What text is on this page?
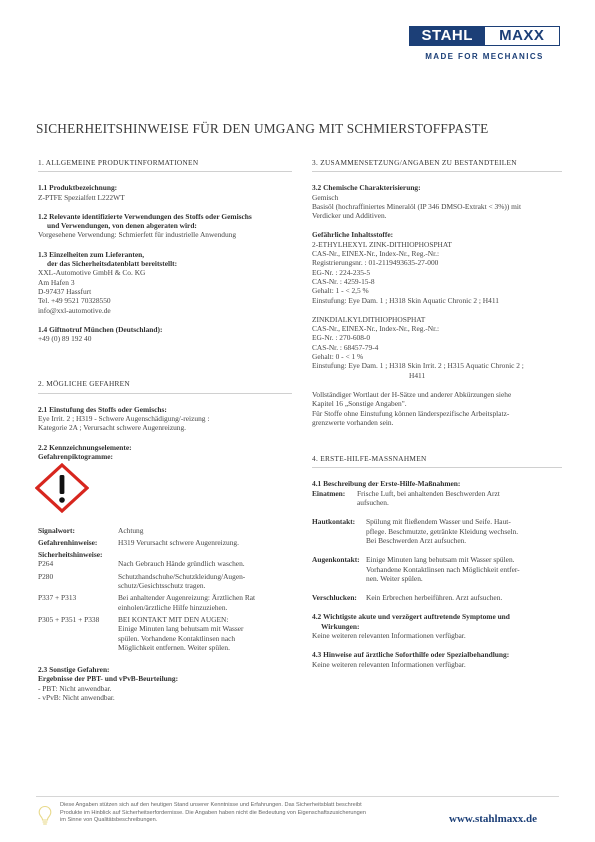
STAHL	MAXX
MADE FOR MECHANICS
SICHERHEITSHINWEISE FÜR DEN UMGANG MIT SCHMIERSTOFFPASTE
1. ALLGEMEINE PRODUKTINFORMATIONEN
1.1 Produktbezeichnung:
Z-PTFE Spezialfett L222WT
1.2 Relevante identifizierte Verwendungen des Stoffs oder Gemischs
und Verwendungen, von denen abgeraten wird:
Vorgesehene Verwendung: Schmierfett für industrielle Anwendung
1.3 Einzelheiten zum Lieferanten,
der das Sicherheitsdatenblatt bereitstellt:
XXL-Automotive GmbH & Co. KG
Am Hafen 3
D-97437 Hassfurt
Tel. +49 9521 70328550
info@xxl-automotive.de
1.4 Giftnotruf München (Deutschland):
+49 (0) 89 192 40
2. MÖGLICHE GEFAHREN
2.1 Einstufung des Stoffs oder Gemischs:
Eye Irrit. 2 ; H319 - Schwere Augenschädigung/-reizung :
Kategorie 2A ; Verursacht schwere Augenreizung.
2.2 Kennzeichnungselemente:
Gefahrenpiktogramme:
Signalwort:	Achtung
Gefahrenhinweise:	H319 Verursacht schwere Augenreizung.
Sicherheitshinweise:
P264	Nach Gebrauch Hände gründlich waschen.
P280	Schutzhandschuhe/Schutzkleidung/Augen-
schutz/Gesichtsschutz tragen.
P337 + P313	Bei anhaltender Augenreizung: Ärztlichen Rat
einholen/ärztliche Hilfe hinzuziehen.
P305 + P351 + P338	BEI KONTAKT MIT DEN AUGEN:
Einige Minuten lang behutsam mit Wasser
spülen. Vorhandene Kontaktlinsen nach
Möglichkeit entfernen. Weiter spülen.
2.3 Sonstige Gefahren:
Ergebnisse der PBT- und vPvB-Beurteilung:
- PBT: Nicht anwendbar.
- vPvB: Nicht anwendbar.
3. ZUSAMMENSETZUNG/ANGABEN ZU BESTANDTEILEN
3.2 Chemische Charakterisierung:
Gemisch
Basisöl (hochraffiniertes Mineralöl (IP 346 DMSO-Extrakt < 3%)) mit
Verdicker und Additiven.
Gefährliche Inhaltsstoffe:
2-ETHYLHEXYL ZINK-DITHIOPHOSPHAT
CAS-Nr., EINEX-Nr., Index-Nr., Reg.-Nr.:
Registrierungsnr. : 01-2119493635-27-000
EG-Nr. : 224-235-5
CAS-Nr. : 4259-15-8
Gehalt: 1 - < 2,5 %
Einstufung: Eye Dam. 1 ; H318 Skin Aquatic Chronic 2 ; H411
ZINKDIALKYLDITHIOPHOSPHAT
CAS-Nr., EINEX-Nr., Index-Nr., Reg.-Nr.:
EG-Nr. : 270-608-0
CAS-Nr. : 68457-79-4
Gehalt: 0 - < 1 %
Einstufung: Eye Dam. 1 ; H318 Skin Irrit. 2 ; H315 Aquatic Chronic 2 ;
H411
Vollständiger Wortlaut der H-Sätze und anderer Abkürzungen siehe
Kapitel 16 „Sonstige Angaben".
Für Stoffe ohne Einstufung können länderspezifische Arbeitsplatz-
grenzwerte vorhanden sein.
4. ERSTE-HILFE-MASSNAHMEN
4.1 Beschreibung der Erste-Hilfe-Maßnahmen:
Einatmen:	Frische Luft, bei anhaltenden Beschwerden Arzt
aufsuchen.
Hautkontakt:	Spülung mit fließendem Wasser und Seife. Haut-
pflege. Beschmutzte, getränkte Kleidung wechseln.
Bei Beschwerden Arzt aufsuchen.
Augenkontakt: Einige Minuten lang behutsam mit Wasser spülen.
Vorhandene Kontaktlinsen nach Möglichkeit entfer-
nen. Weiter spülen.
Verschlucken:	Kein Erbrechen herbeiführen. Arzt aufsuchen.
4.2 Wichtigste akute und verzögert auftretende Symptome und
Wirkungen:
Keine weiteren relevanten Informationen verfügbar.
4.3 Hinweise auf ärztliche Soforthilfe oder Spezialbehandlung:
Keine weiteren relevanten Informationen verfügbar.
Diese Angaben stützen sich auf den heutigen Stand unserer Kenntnisse und Erfahrungen. Das Sicherheitsblatt beschreibt
Produkte im Hinblick auf Sicherheitserfordernisse. Die Angaben haben nicht die Bedeutung von Eigenschaftszusicherungen
im Sinne von Qualitätsbeschreibungen.	www.stahlmaxx.de
